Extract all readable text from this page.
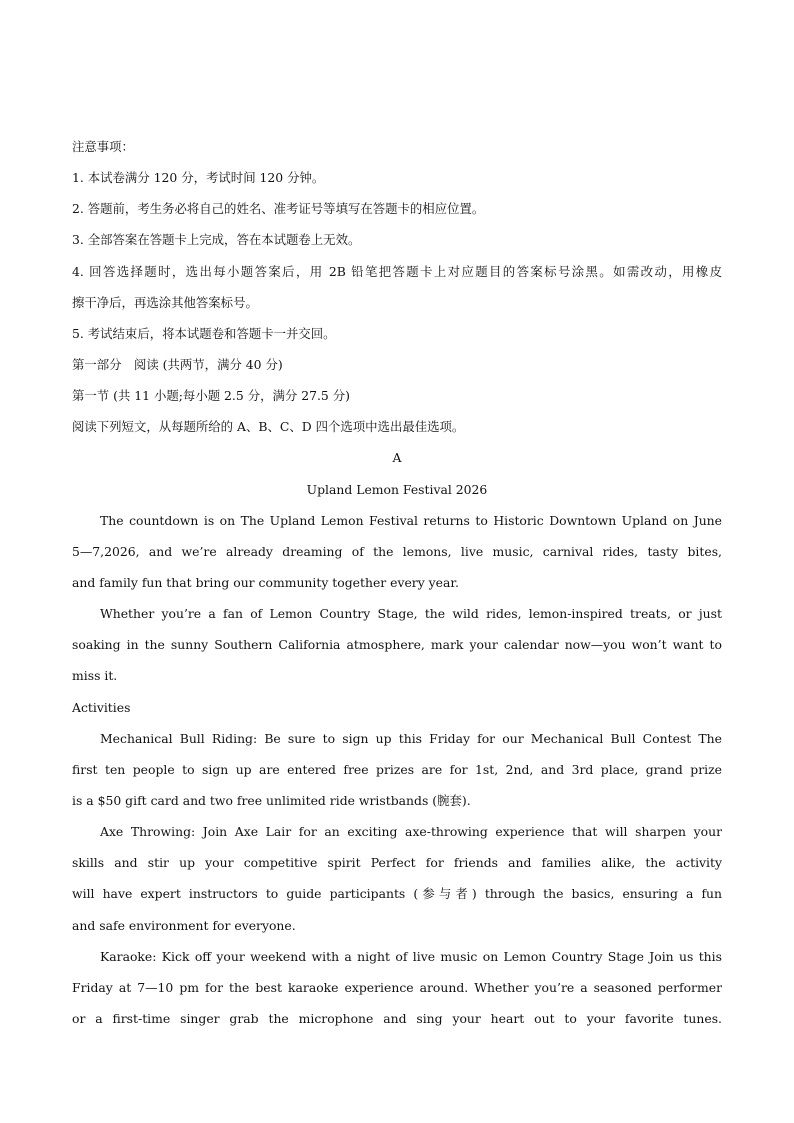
注意事项：
1. 本试卷满分 120 分，考试时间 120 分钟。
2. 答题前，考生务必将自己的姓名、准考证号等填写在答题卡的相应位置。
3. 全部答案在答题卡上完成，答在本试题卷上无效。
4. 回答选择题时，选出每小题答案后，用 2B 铅笔把答题卡上对应题目的答案标号涂黑。如需改动，用橡皮
擦干净后，再选涂其他答案标号。
5. 考试结束后，将本试题卷和答题卡一并交回。
第一部分　阅读 (共两节，满分 40 分)
第一节 (共 11 小题;每小题 2.5 分，满分 27.5 分)
阅读下列短文，从每题所给的 A、B、C、D 四个选项中选出最佳选项。
A
Upland Lemon Festival 2026
The countdown is on The Upland Lemon Festival returns to Historic Downtown Upland on June
5—7,2026, and we’re already dreaming of the lemons, live music, carnival rides, tasty bites,
and family fun that bring our community together every year.
Whether you’re a fan of Lemon Country Stage, the wild rides, lemon-inspired treats, or just
soaking in the sunny Southern California atmosphere, mark your calendar now—you won’t want to
miss it.
Activities
Mechanical Bull Riding: Be sure to sign up this Friday for our Mechanical Bull Contest The
first ten people to sign up are entered free prizes are for 1st, 2nd, and 3rd place, grand prize
is a $50 gift card and two free unlimited ride wristbands (腕套).
Axe Throwing: Join Axe Lair for an exciting axe-throwing experience that will sharpen your
skills and stir up your competitive spirit Perfect for friends and families alike, the activity
will have expert instructors to guide participants (参与者) through the basics, ensuring a fun
and safe environment for everyone.
Karaoke: Kick off your weekend with a night of live music on Lemon Country Stage Join us this
Friday at 7—10 pm for the best karaoke experience around. Whether you’re a seasoned performer
or a first-time singer grab the microphone and sing your heart out to your favorite tunes.
